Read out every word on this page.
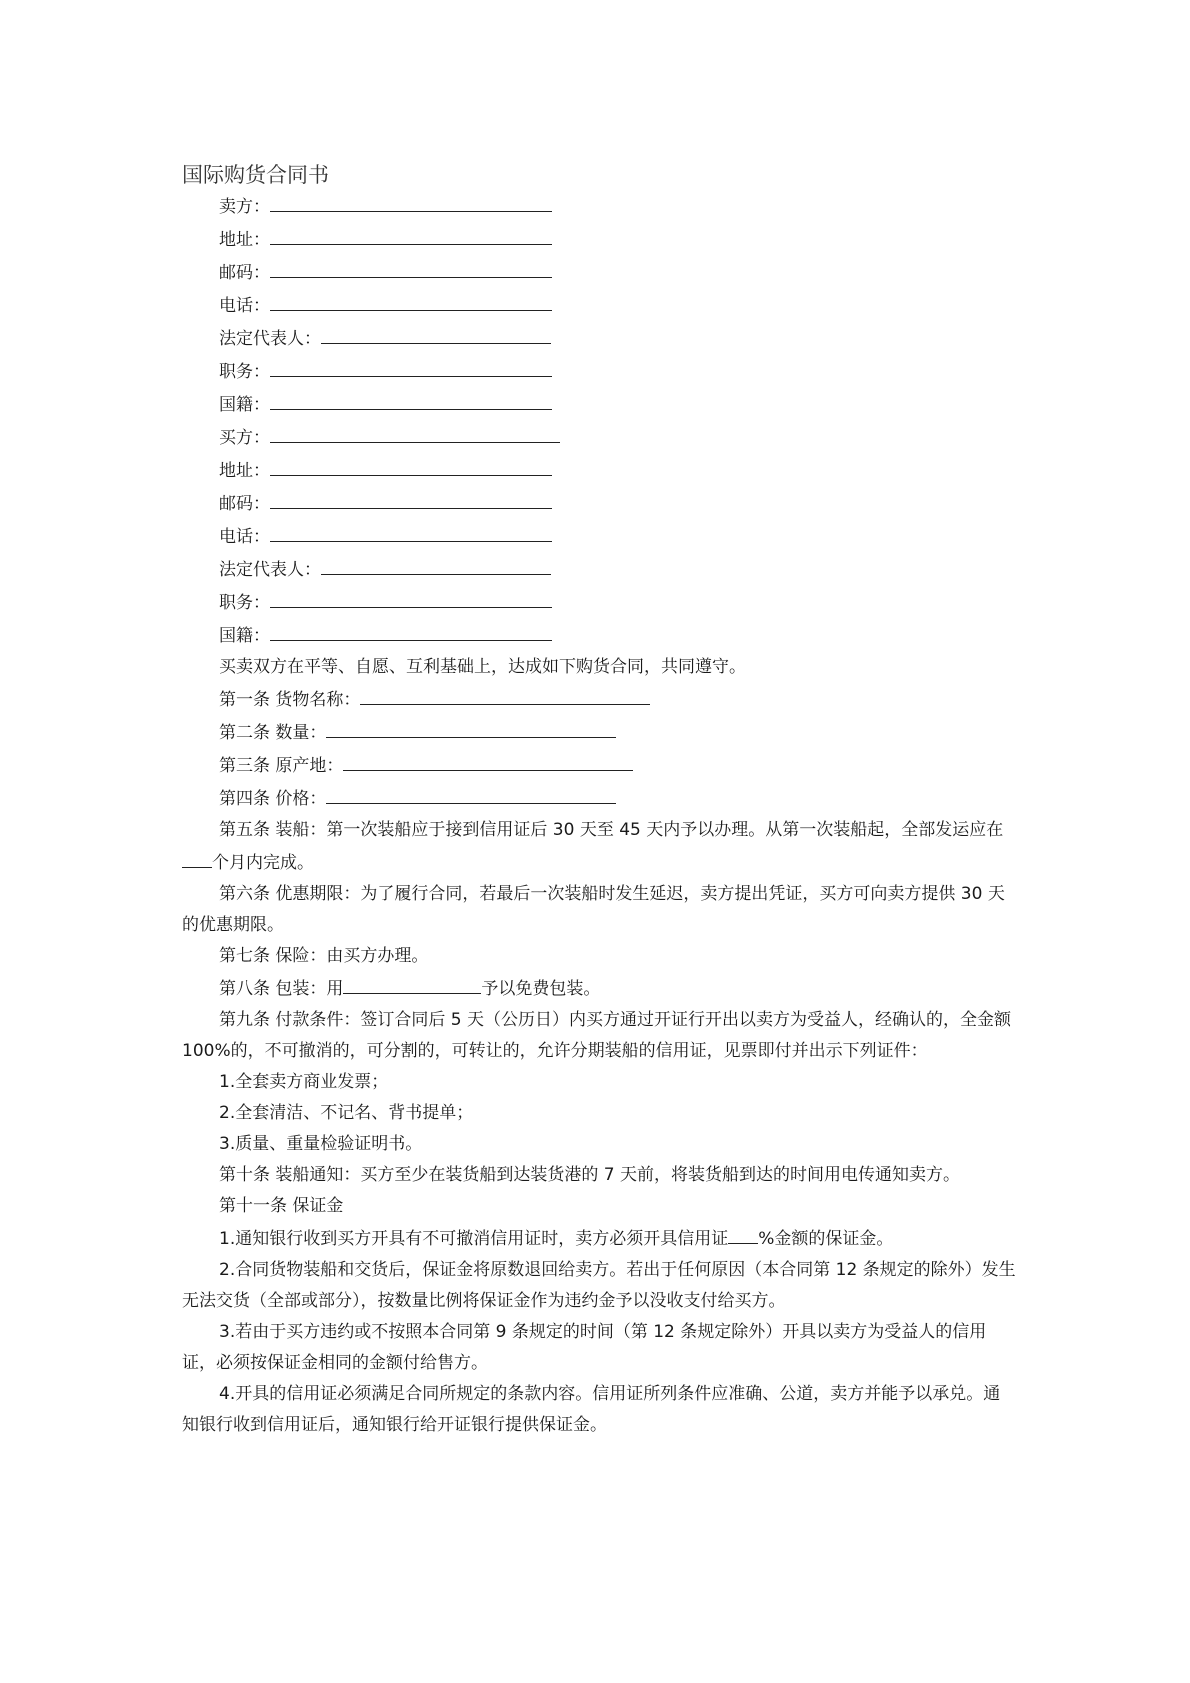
国际购货合同书
卖方：
地址：
邮码：
电话：
法定代表人：
职务：
国籍：
买方：
地址：
邮码：
电话：
法定代表人：
职务：
国籍：
买卖双方在平等、自愿、互利基础上，达成如下购货合同，共同遵守。
第一条 货物名称：
第二条 数量：
第三条 原产地：
第四条 价格：
第五条 装船：第一次装船应于接到信用证后 30 天至 45 天内予以办理。从第一次装船起，全部发运应在个月内完成。
第六条 优惠期限：为了履行合同，若最后一次装船时发生延迟，卖方提出凭证，买方可向卖方提供 30 天的优惠期限。
第七条 保险：由买方办理。
第八条 包装：用	予以免费包装。
第九条 付款条件：签订合同后 5 天（公历日）内买方通过开证行开出以卖方为受益人，经确认的，全金额 100%的，不可撤消的，可分割的，可转让的，允许分期装船的信用证，见票即付并出示下列证件：
1.全套卖方商业发票；
2.全套清洁、不记名、背书提单；
3.质量、重量检验证明书。
第十条 装船通知：买方至少在装货船到达装货港的 7 天前，将装货船到达的时间用电传通知卖方。
第十一条 保证金
1.通知银行收到买方开具有不可撤消信用证时，卖方必须开具信用证 %金额的保证金。
2.合同货物装船和交货后，保证金将原数退回给卖方。若出于任何原因（本合同第 12 条规定的除外）发生无法交货（全部或部分），按数量比例将保证金作为违约金予以没收支付给买方。
3.若由于买方违约或不按照本合同第 9 条规定的时间（第 12 条规定除外）开具以卖方为受益人的信用证，必须按保证金相同的金额付给售方。
4.开具的信用证必须满足合同所规定的条款内容。信用证所列条件应准确、公道，卖方并能予以承兑。通知银行收到信用证后，通知银行给开证银行提供保证金。
